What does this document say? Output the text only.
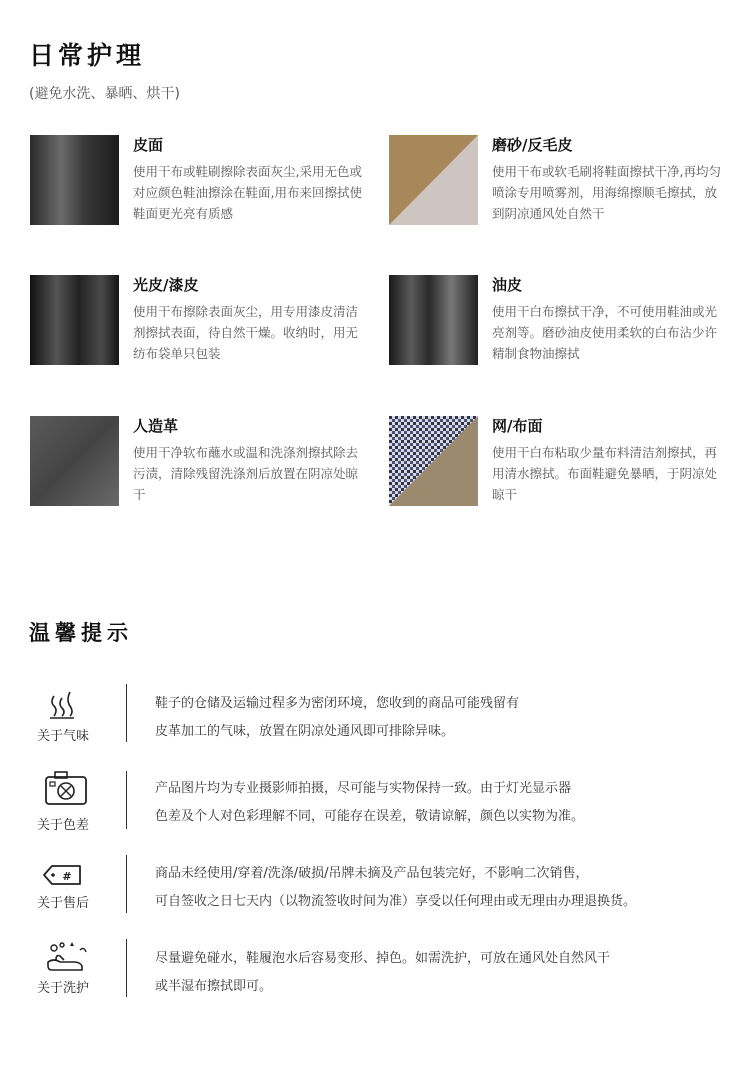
日常护理
(避免水洗、暴晒、烘干)
皮面
使用干布或鞋刷擦除表面灰尘,采用无色或对应颜色鞋油擦涂在鞋面,用布来回擦拭使鞋面更光亮有质感
磨砂/反毛皮
使用干布或软毛刷将鞋面擦拭干净,再均匀喷涂专用喷雾剂，用海绵擦顺毛擦拭，放到阴凉通风处自然干
光皮/漆皮
使用干布擦除表面灰尘，用专用漆皮清洁剂擦拭表面，待自然干燥。收纳时，用无纺布袋单只包装
油皮
使用干白布擦拭干净，不可使用鞋油或光亮剂等。磨砂油皮使用柔软的白布沾少许精制食物油擦拭
人造革
使用干净软布蘸水或温和洗涤剂擦拭除去污渍，清除残留洗涤剂后放置在阴凉处晾干
网/布面
使用干白布粘取少量布料清洁剂擦拭，再用清水擦拭。布面鞋避免暴晒，于阴凉处晾干
温馨提示
关于气味
鞋子的仓储及运输过程多为密闭环境，您收到的商品可能残留有
皮革加工的气味，放置在阴凉处通风即可排除异味。
关于色差
产品图片均为专业摄影师拍摄，尽可能与实物保持一致。由于灯光显示器
色差及个人对色彩理解不同，可能存在误差，敬请谅解，颜色以实物为准。
#
关于售后
商品未经使用/穿着/洗涤/破损/吊牌未摘及产品包装完好，不影响二次销售，
可自签收之日七天内（以物流签收时间为准）享受以任何理由或无理由办理退换货。
关于洗护
尽量避免碰水，鞋履泡水后容易变形、掉色。如需洗护，可放在通风处自然风干
或半湿布擦拭即可。
